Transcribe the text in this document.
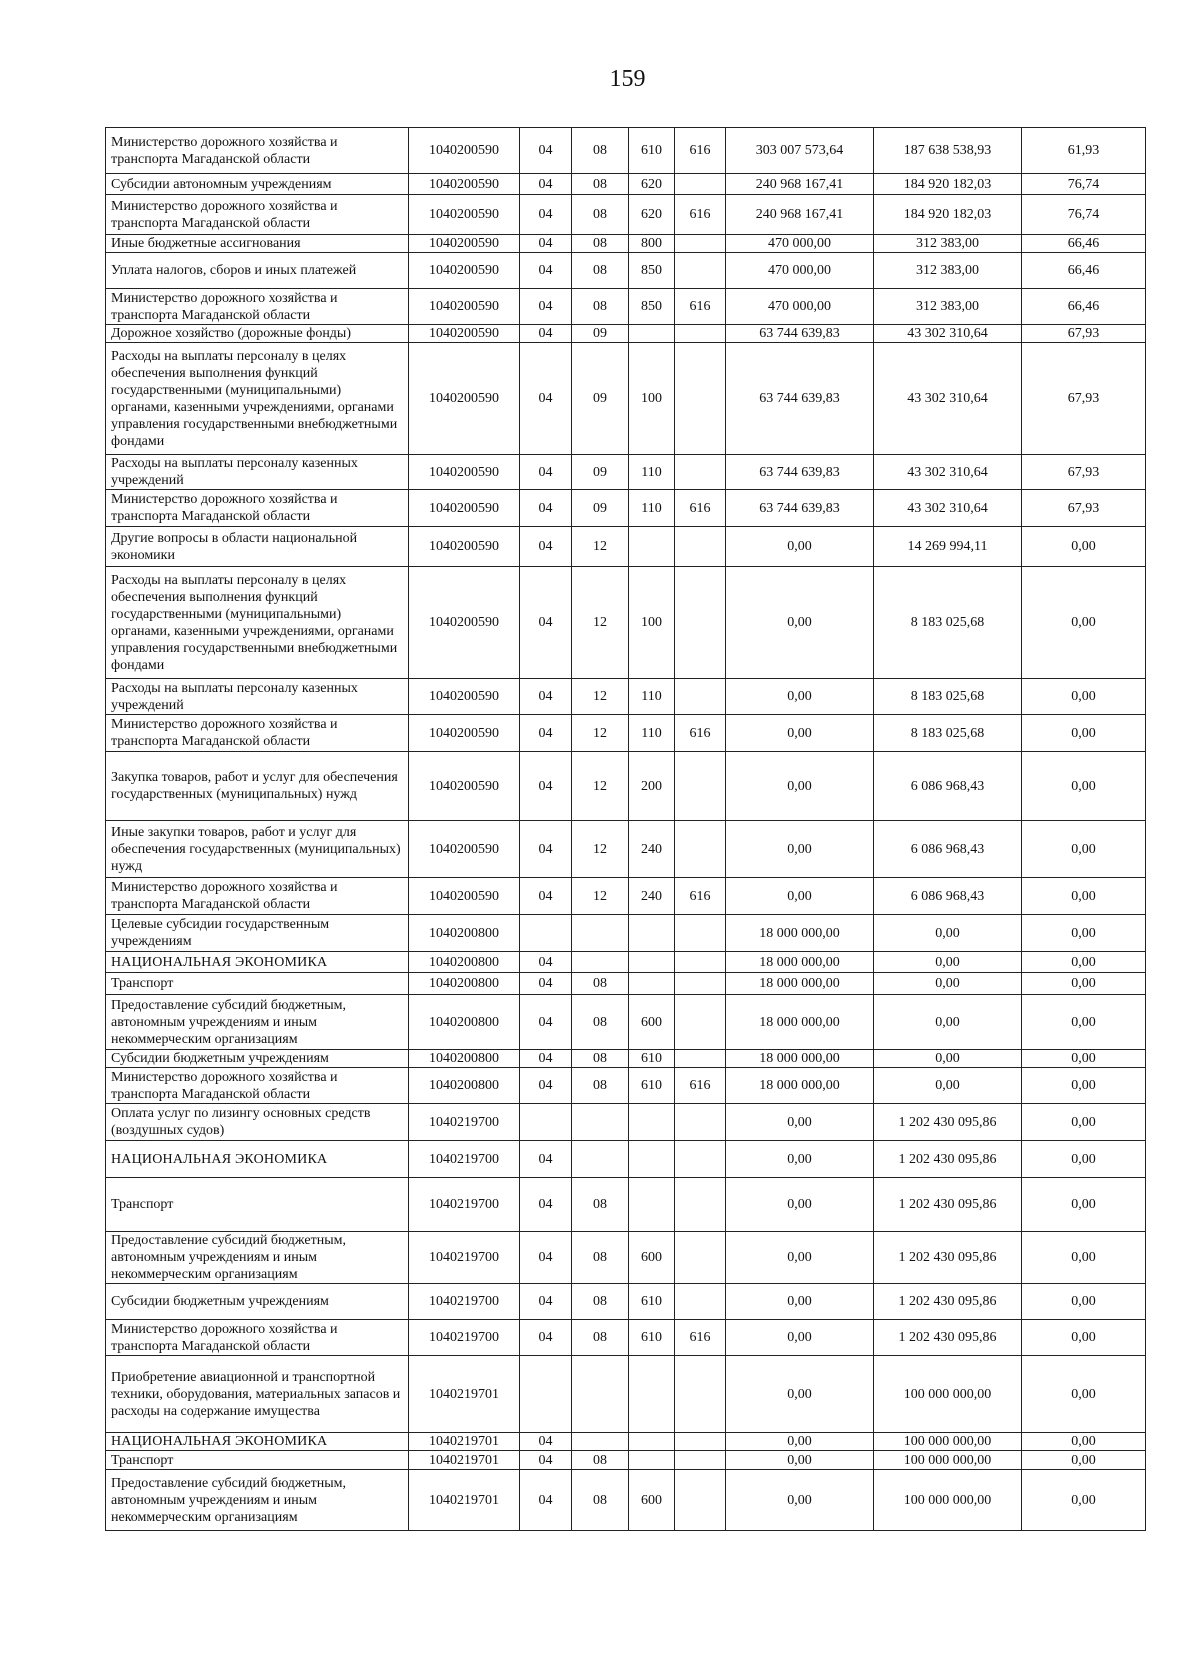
159
Министерство дорожного хозяйства и транспорта Магаданской области	1040200590	04	08	610	616	303 007 573,64	187 638 538,93	61,93
Субсидии автономным учреждениям	1040200590	04	08	620		240 968 167,41	184 920 182,03	76,74
Министерство дорожного хозяйства и транспорта Магаданской области	1040200590	04	08	620	616	240 968 167,41	184 920 182,03	76,74
Иные бюджетные ассигнования	1040200590	04	08	800		470 000,00	312 383,00	66,46
Уплата налогов, сборов и иных платежей	1040200590	04	08	850		470 000,00	312 383,00	66,46
Министерство дорожного хозяйства и транспорта Магаданской области	1040200590	04	08	850	616	470 000,00	312 383,00	66,46
Дорожное хозяйство (дорожные фонды)	1040200590	04	09			63 744 639,83	43 302 310,64	67,93
Расходы на выплаты персоналу в целях обеспечения выполнения функций государственными (муниципальными) органами, казенными учреждениями, органами управления государственными внебюджетными фондами	1040200590	04	09	100		63 744 639,83	43 302 310,64	67,93
Расходы на выплаты персоналу казенных учреждений	1040200590	04	09	110		63 744 639,83	43 302 310,64	67,93
Министерство дорожного хозяйства и транспорта Магаданской области	1040200590	04	09	110	616	63 744 639,83	43 302 310,64	67,93
Другие вопросы в области национальной экономики	1040200590	04	12			0,00	14 269 994,11	0,00
Расходы на выплаты персоналу в целях обеспечения выполнения функций государственными (муниципальными) органами, казенными учреждениями, органами управления государственными внебюджетными фондами	1040200590	04	12	100		0,00	8 183 025,68	0,00
Расходы на выплаты персоналу казенных учреждений	1040200590	04	12	110		0,00	8 183 025,68	0,00
Министерство дорожного хозяйства и транспорта Магаданской области	1040200590	04	12	110	616	0,00	8 183 025,68	0,00
Закупка товаров, работ и услуг для обеспечения государственных (муниципальных) нужд	1040200590	04	12	200		0,00	6 086 968,43	0,00
Иные закупки товаров, работ и услуг для обеспечения государственных (муниципальных) нужд	1040200590	04	12	240		0,00	6 086 968,43	0,00
Министерство дорожного хозяйства и транспорта Магаданской области	1040200590	04	12	240	616	0,00	6 086 968,43	0,00
Целевые субсидии государственным учреждениям	1040200800					18 000 000,00	0,00	0,00
НАЦИОНАЛЬНАЯ ЭКОНОМИКА	1040200800	04				18 000 000,00	0,00	0,00
Транспорт	1040200800	04	08			18 000 000,00	0,00	0,00
Предоставление субсидий бюджетным, автономным учреждениям и иным некоммерческим организациям	1040200800	04	08	600		18 000 000,00	0,00	0,00
Субсидии бюджетным учреждениям	1040200800	04	08	610		18 000 000,00	0,00	0,00
Министерство дорожного хозяйства и транспорта Магаданской области	1040200800	04	08	610	616	18 000 000,00	0,00	0,00
Оплата услуг по лизингу основных средств (воздушных судов)	1040219700					0,00	1 202 430 095,86	0,00
НАЦИОНАЛЬНАЯ ЭКОНОМИКА	1040219700	04				0,00	1 202 430 095,86	0,00
Транспорт	1040219700	04	08			0,00	1 202 430 095,86	0,00
Предоставление субсидий бюджетным, автономным учреждениям и иным некоммерческим организациям	1040219700	04	08	600		0,00	1 202 430 095,86	0,00
Субсидии бюджетным учреждениям	1040219700	04	08	610		0,00	1 202 430 095,86	0,00
Министерство дорожного хозяйства и транспорта Магаданской области	1040219700	04	08	610	616	0,00	1 202 430 095,86	0,00
Приобретение авиационной и транспортной техники, оборудования, материальных запасов и расходы на содержание имущества	1040219701					0,00	100 000 000,00	0,00
НАЦИОНАЛЬНАЯ ЭКОНОМИКА	1040219701	04				0,00	100 000 000,00	0,00
Транспорт	1040219701	04	08			0,00	100 000 000,00	0,00
Предоставление субсидий бюджетным, автономным учреждениям и иным некоммерческим организациям	1040219701	04	08	600		0,00	100 000 000,00	0,00
